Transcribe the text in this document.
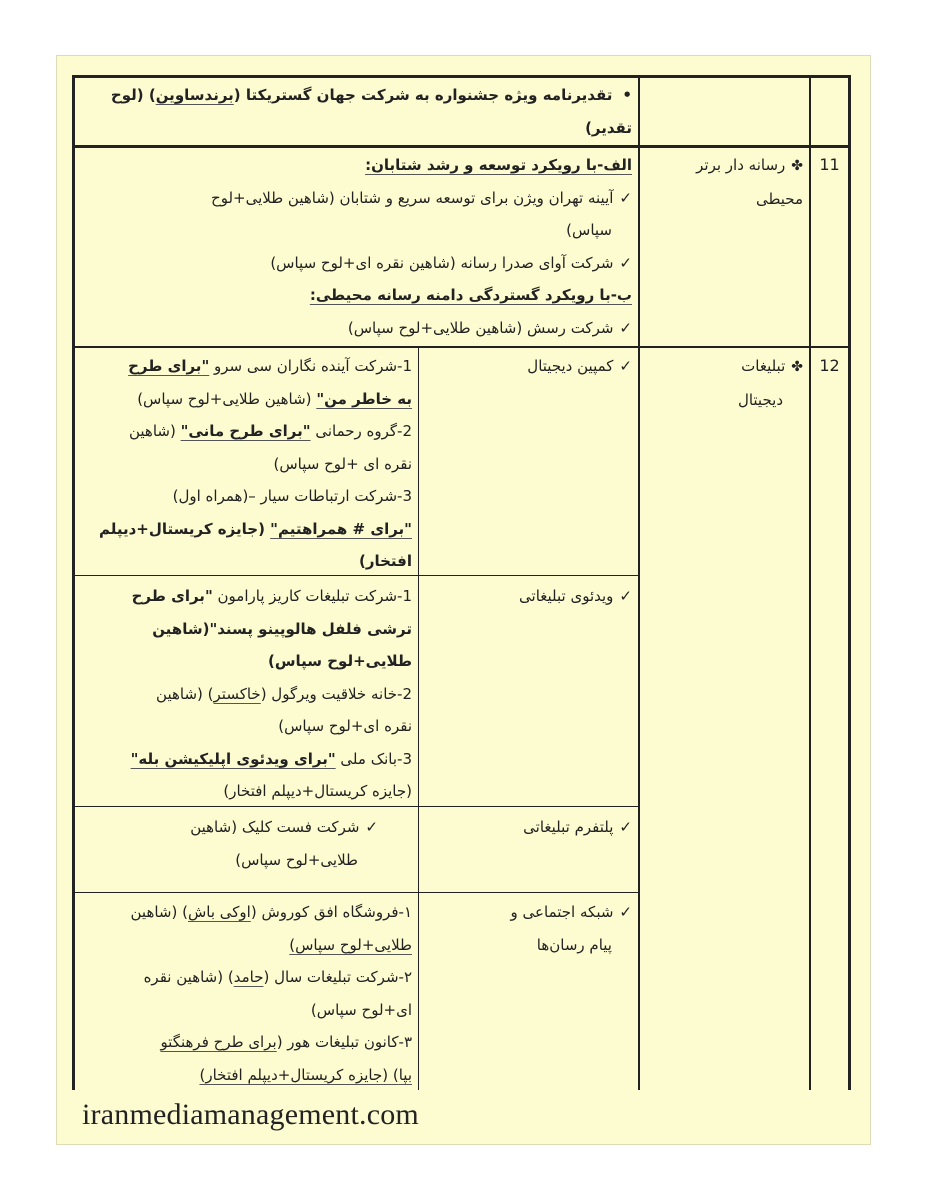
•تقدیرنامه ویژه جشنواره به شرکت جهان گستریکتا (برندساوین) (لوح
تقدیر)
11
✤رسانه دار برتر
محیطی
الف-با رویکرد توسعه و رشد شتابان:
✓آیینه تهران ویژن برای توسعه سریع و شتابان (شاهین طلایی+لوح
سپاس)
✓شرکت آوای صدرا رسانه (شاهین نقره ای+لوح سپاس)
ب-با رویکرد گستردگی دامنه رسانه محیطی:
✓شرکت رسش (شاهین طلایی+لوح سپاس)
12
✤تبلیغات
دیجیتال
✓کمپین دیجیتال
1-شرکت آینده نگاران سی سرو "برای طرح
به خاطر من" (شاهین طلایی+لوح سپاس)
2-گروه رحمانی "برای طرح مانی" (شاهین
نقره ای +لوح سپاس)
3-شرکت ارتباطات سیار –(همراه اول)
"برای # همراهتیم" (جایزه کریستال+دیپلم
افتخار)
✓ویدئوی تبلیغاتی
1-شرکت تبلیغات کاریز پارامون "برای طرح
ترشی فلفل هالوپینو پسند"(شاهین
طلایی+لوح سپاس)
2-خانه خلاقیت ویرگول (خاکستر) (شاهین
نقره ای+لوح سپاس)
3-بانک ملی "برای ویدئوی اپلیکیشن بله"
(جایزه کریستال+دیپلم افتخار)
✓پلتفرم تبلیغاتی
✓شرکت فست کلیک (شاهین
طلایی+لوح سپاس)
✓شبکه اجتماعی و
پیام رسان‌ها
۱-فروشگاه افق کوروش (اوکی باش) (شاهین
طلایی+لوح سپاس)
۲-شرکت تبلیغات سال (حامد) (شاهین نقره
ای+لوح سپاس)
۳-کانون تبلیغات هور (برای طرح فرهنگتو
بپا) (جایزه کریستال+دیپلم افتخار)
iranmediamanagement.com
